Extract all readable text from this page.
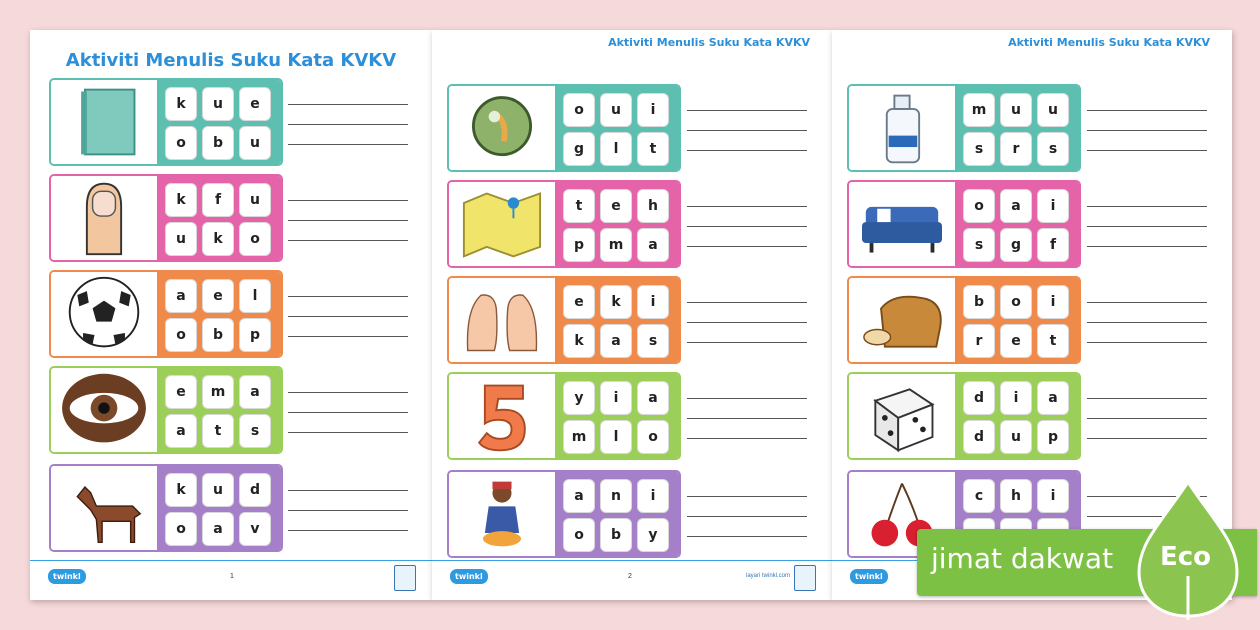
Aktiviti Menulis Suku Kata KVKV
k	u	e
o	b	u
k	f	u
u	k	o
a	e	l
o	b	p
e	m	a
a	t	s
k	u	d
o	a	v
twinkl	1
Aktiviti Menulis Suku Kata KVKV
o	u	i
g	l	t
t	e	h
p	m	a
e	k	i
k	a	s
y	i	a
m	l	o
a	n	i
o	b	y
twinkl	2	layari twinkl.com
Aktiviti Menulis Suku Kata KVKV
m	u	u
s	r	s
o	a	i
s	g	f
b	o	i
r	e	t
d	i	a
d	u	p
c	h	i
twinkl
jimat dakwat Eco
